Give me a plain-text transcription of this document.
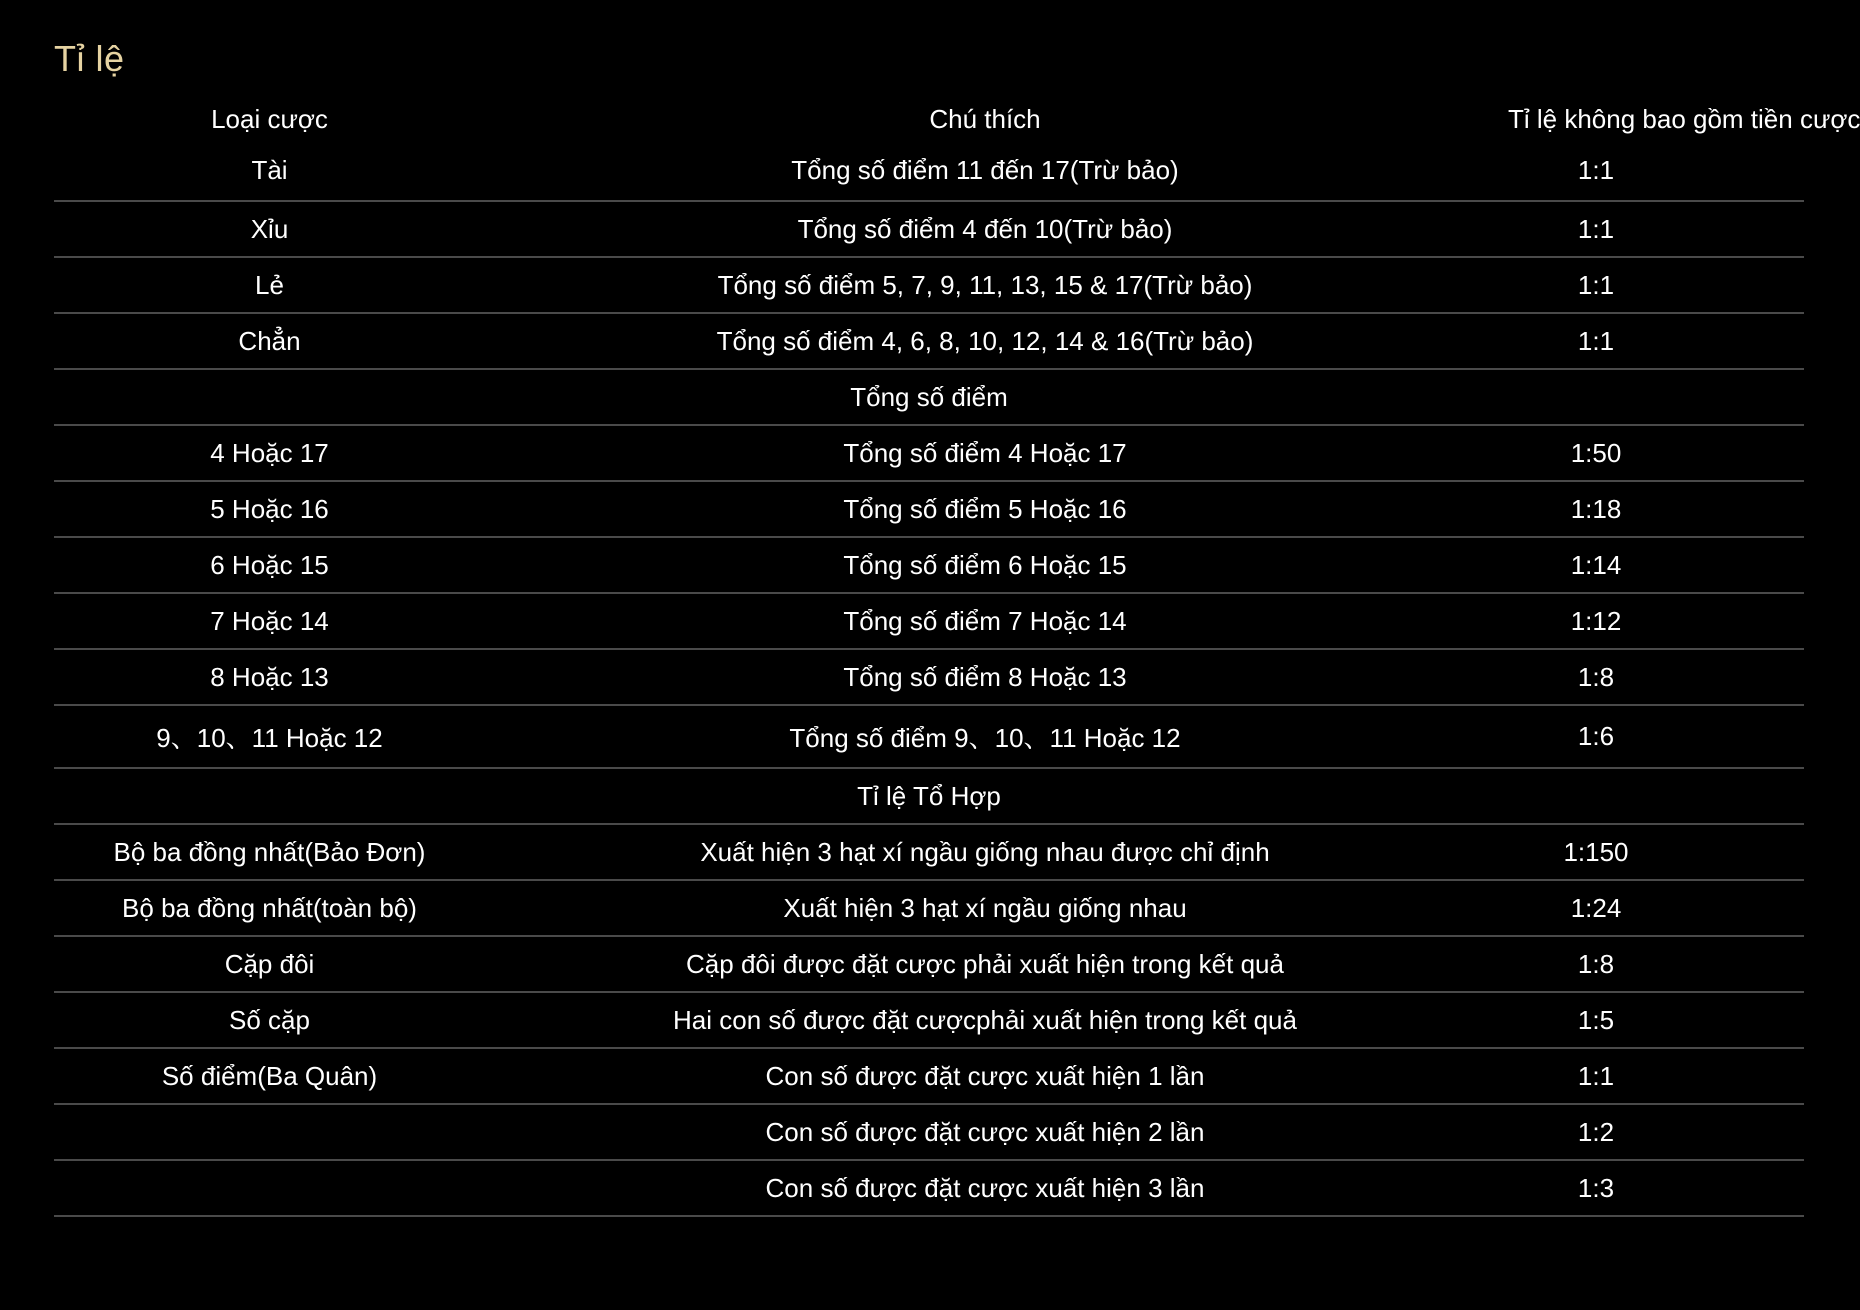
Tỉ lệ
Loại cược	Chú thích	Tỉ lệ không bao gồm tiền cược
Tài	Tổng số điểm 11 đến 17(Trừ bảo)	1:1
Xỉu	Tổng số điểm 4 đến 10(Trừ bảo)	1:1
Lẻ	Tổng số điểm 5, 7, 9, 11, 13, 15 & 17(Trừ bảo)	1:1
Chẳn	Tổng số điểm 4, 6, 8, 10, 12, 14 & 16(Trừ bảo)	1:1
Tổng số điểm		
4 Hoặc 17	Tổng số điểm 4 Hoặc 17	1:50
5 Hoặc 16	Tổng số điểm 5 Hoặc 16	1:18
6 Hoặc 15	Tổng số điểm 6 Hoặc 15	1:14
7 Hoặc 14	Tổng số điểm 7 Hoặc 14	1:12
8 Hoặc 13	Tổng số điểm 8 Hoặc 13	1:8
9、10、11 Hoặc 12	Tổng số điểm 9、10、11 Hoặc 12	1:6
Tỉ lệ Tổ Hợp		
Bộ ba đồng nhất(Bảo Đơn)	Xuất hiện 3 hạt xí ngầu giống nhau được chỉ định	1:150
Bộ ba đồng nhất(toàn bộ)	Xuất hiện 3 hạt xí ngầu giống nhau	1:24
Cặp đôi	Cặp đôi được đặt cược phải xuất hiện trong kết quả	1:8
Số cặp	Hai con số được đặt cượcphải xuất hiện trong kết quả	1:5
Số điểm(Ba Quân)	Con số được đặt cược xuất hiện 1 lần	1:1
	Con số được đặt cược xuất hiện 2 lần	1:2
	Con số được đặt cược xuất hiện 3 lần	1:3
